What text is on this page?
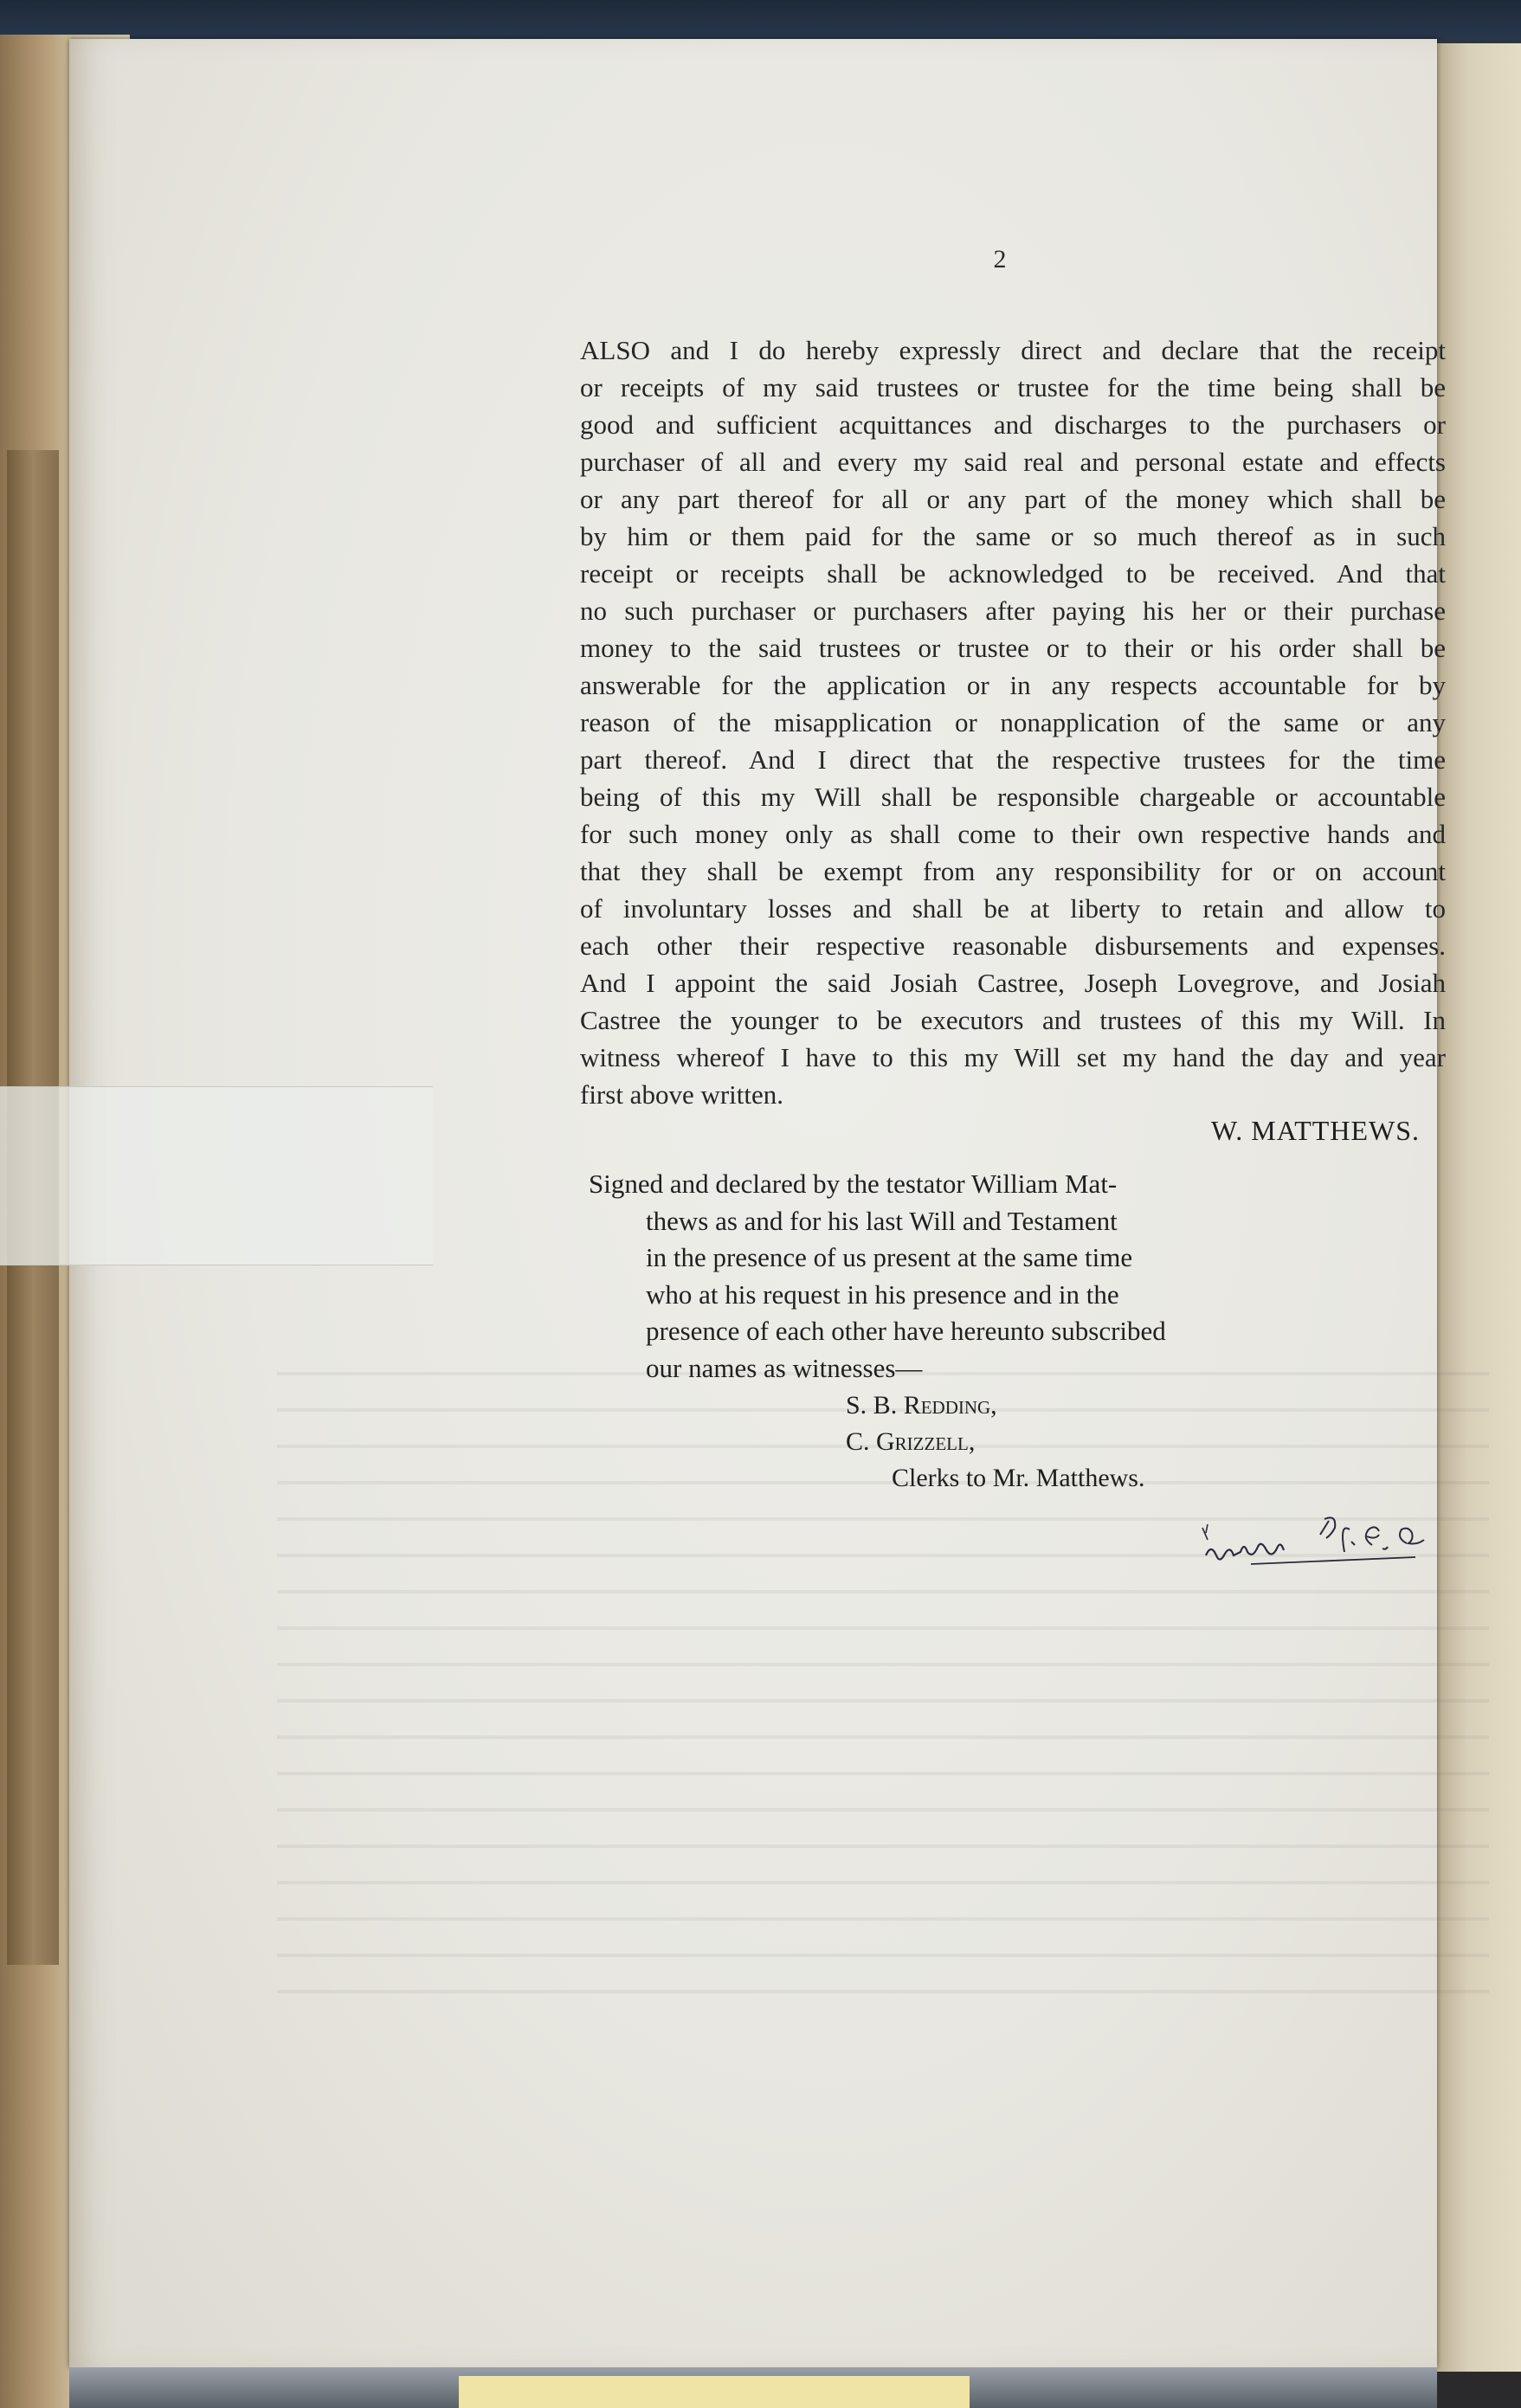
2
ALSO and I do hereby expressly direct and declare that the receipt
or receipts of my said trustees or trustee for the time being shall be
good and sufficient acquittances and discharges to the purchasers or
purchaser of all and every my said real and personal estate and effects
or any part thereof for all or any part of the money which shall be
by him or them paid for the same or so much thereof as in such
receipt or receipts shall be acknowledged to be received. And that
no such purchaser or purchasers after paying his her or their purchase
money to the said trustees or trustee or to their or his order shall be
answerable for the application or in any respects accountable for by
reason of the misapplication or nonapplication of the same or any
part thereof. And I direct that the respective trustees for the time
being of this my Will shall be responsible chargeable or accountable
for such money only as shall come to their own respective hands and
that they shall be exempt from any responsibility for or on account
of involuntary losses and shall be at liberty to retain and allow to
each other their respective reasonable disbursements and expenses.
And I appoint the said Josiah Castree, Joseph Lovegrove, and Josiah
Castree the younger to be executors and trustees of this my Will. In
witness whereof I have to this my Will set my hand the day and year
first above written.
W. MATTHEWS.
Signed and declared by the testator William Mat-
thews as and for his last Will and Testament
in the presence of us present at the same time
who at his request in his presence and in the
presence of each other have hereunto subscribed
our names as witnesses—
S. B. Redding,
C. Grizzell,
Clerks to Mr. Matthews.
